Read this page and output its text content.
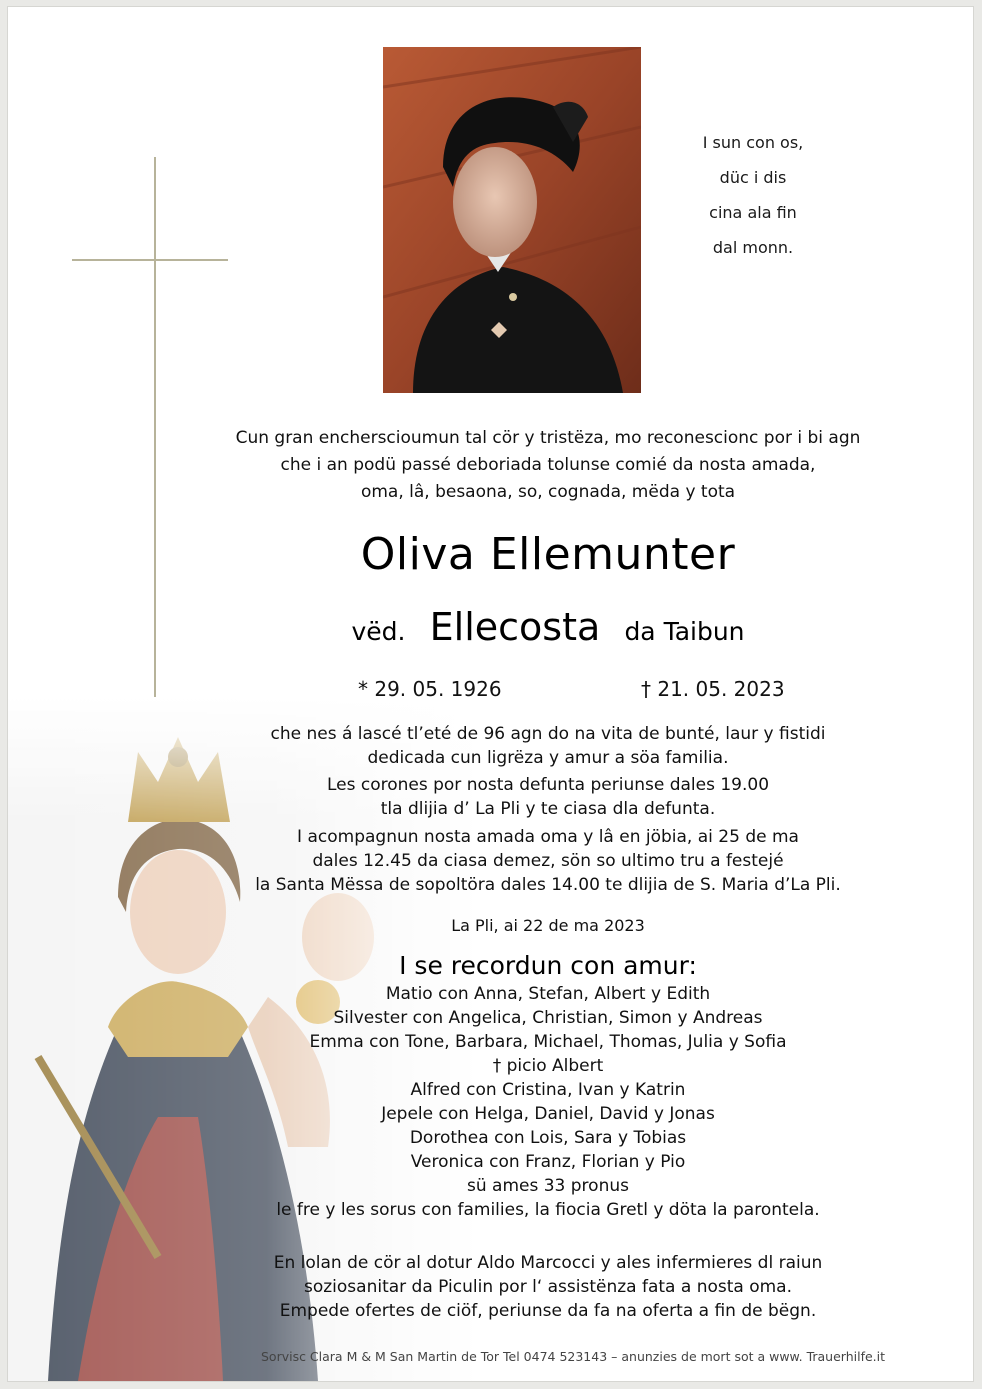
I sun con os,
düc i dis
cina ala fin
dal monn.
Cun gran encherscioumun tal cör y tristëza, mo reconescionc por i bi agn
che i an podü passé deboriada tolunse comié da nosta amada,
oma, lâ, besaona, so, cognada, mëda y tota
Oliva Ellemunter
vëd. Ellecosta da Taibun
* 29. 05. 1926	† 21. 05. 2023
che nes á lascé tl’eté de 96 agn do na vita de bunté, laur y fistidi
dedicada cun ligrëza y amur a söa familia.
Les corones por nosta defunta periunse dales 19.00
tla dlijia d’ La Pli y te ciasa dla defunta.
I acompagnun nosta amada oma y lâ en jöbia, ai 25 de ma
dales 12.45 da ciasa demez, sön so ultimo tru a festejé
la Santa Mëssa de sopoltöra dales 14.00 te dlijia de S. Maria d’La Pli.
La Pli, ai 22 de ma 2023
I se recordun con amur:
Matio con Anna, Stefan, Albert y Edith
Silvester con Angelica, Christian, Simon y Andreas
Emma con Tone, Barbara, Michael, Thomas, Julia y Sofia
† picio Albert
Alfred con Cristina, Ivan y Katrin
Jepele con Helga, Daniel, David y Jonas
Dorothea con Lois, Sara y Tobias
Veronica con Franz, Florian y Pio
sü ames 33 pronus
le fre y les sorus con families, la fiocia Gretl y döta la parontela.
En lolan de cör al dotur Aldo Marcocci y ales infermieres dl raiun
soziosanitar da Piculin por l‘ assistënza fata a nosta oma.
Empede ofertes de ciöf, periunse da fa na oferta a fin de bëgn.
Sorvisc Clara M & M San Martin de Tor Tel 0474 523143 – anunzies de mort sot a www. Trauerhilfe.it
